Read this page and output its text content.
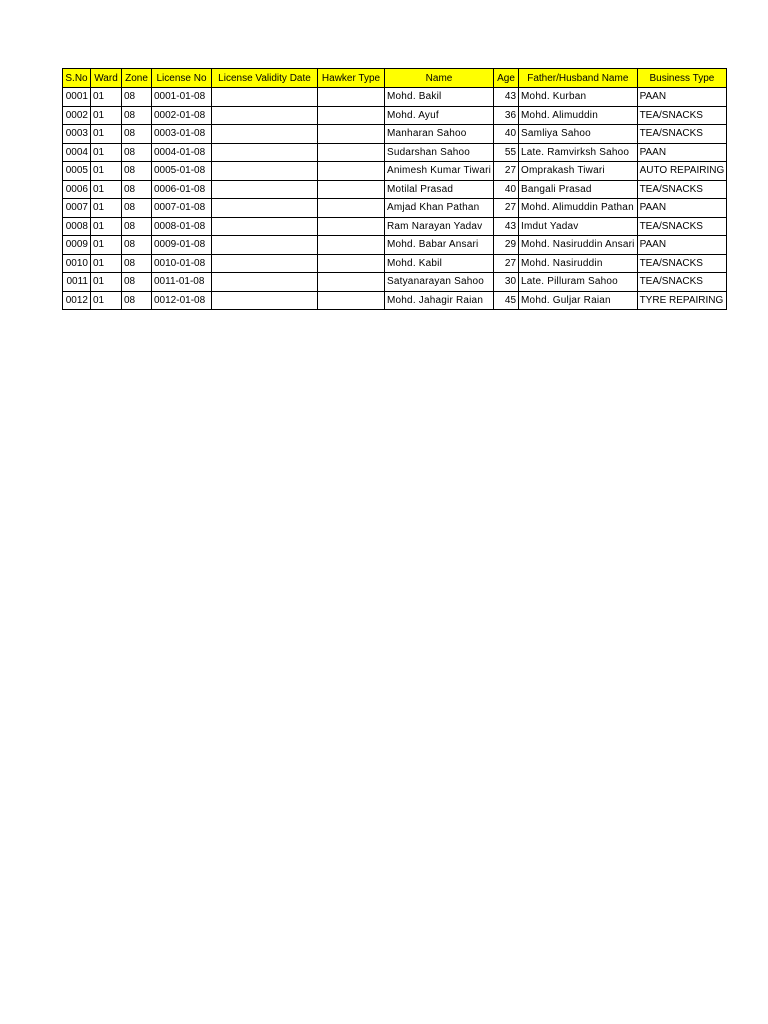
S.No	Ward	Zone	License No	License Validity Date	Hawker Type	Name	Age	Father/Husband Name	Business Type
0001	01	08	0001-01-08			Mohd. Bakil	43	Mohd. Kurban	PAAN
0002	01	08	0002-01-08			Mohd. Ayuf	36	Mohd. Alimuddin	TEA/SNACKS
0003	01	08	0003-01-08			Manharan Sahoo	40	Samliya Sahoo	TEA/SNACKS
0004	01	08	0004-01-08			Sudarshan Sahoo	55	Late. Ramvirksh Sahoo	PAAN
0005	01	08	0005-01-08			Animesh Kumar Tiwari	27	Omprakash Tiwari	AUTO REPAIRING
0006	01	08	0006-01-08			Motilal Prasad	40	Bangali Prasad	TEA/SNACKS
0007	01	08	0007-01-08			Amjad Khan Pathan	27	Mohd. Alimuddin Pathan	PAAN
0008	01	08	0008-01-08			Ram Narayan Yadav	43	Imdut Yadav	TEA/SNACKS
0009	01	08	0009-01-08			Mohd. Babar Ansari	29	Mohd. Nasiruddin Ansari	PAAN
0010	01	08	0010-01-08			Mohd. Kabil	27	Mohd. Nasiruddin	TEA/SNACKS
0011	01	08	0011-01-08			Satyanarayan Sahoo	30	Late. Pilluram Sahoo	TEA/SNACKS
0012	01	08	0012-01-08			Mohd. Jahagir Raian	45	Mohd. Guljar Raian	TYRE REPAIRING
